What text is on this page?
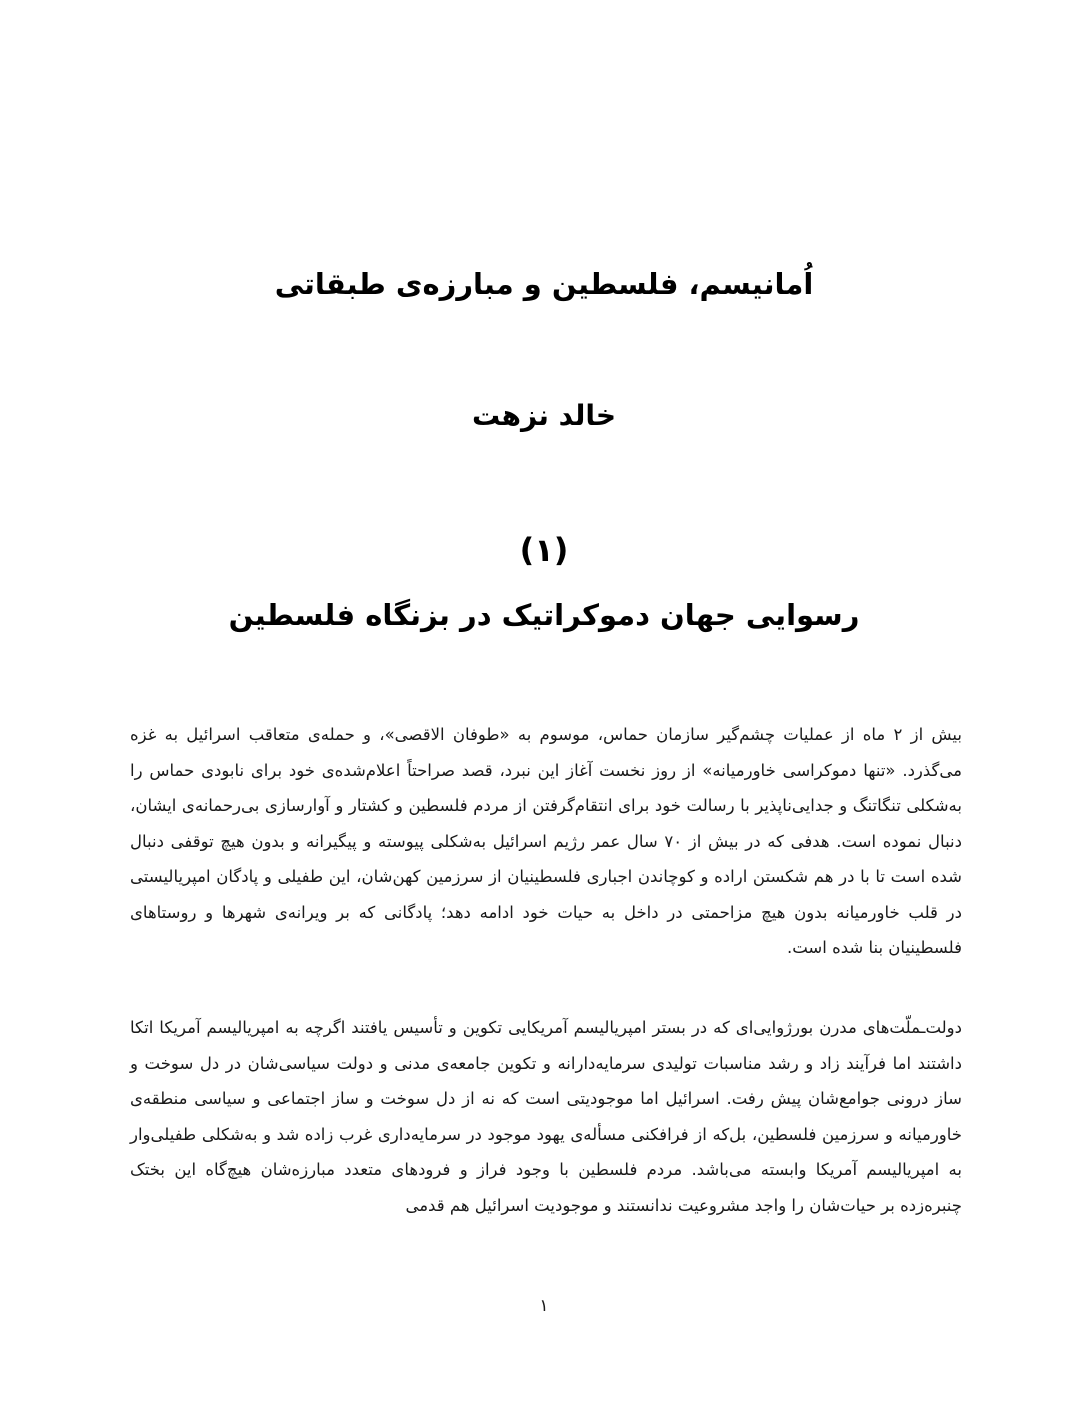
اُمانیسم، فلسطین و مبارزه‌ی طبقاتی
خالد نزهت
(۱)
رسوایی جهان دموکراتیک در بزنگاه فلسطین

بیش از ۲ ماه از عملیات چشم‌گیر سازمان حماس، موسوم به «طوفان الاقصی»، و حمله‌ی متعاقب اسرائیل به غزه می‌گذرد. «تنها دموکراسی خاورمیانه» از روز نخست آغاز این نبرد، قصد صراحتاً اعلام‌شده‌ی خود برای نابودی حماس را به‌شکلی تنگاتنگ و جدایی‌ناپذیر با رسالت خود برای انتقام‌گرفتن از مردم فلسطین و کشتار و آوارسازی بی‌رحمانه‌ی ایشان، دنبال نموده است. هدفی که در بیش از ۷۰ سال عمر رژیم اسرائیل به‌شکلی پیوسته و پیگیرانه و بدون هیچ توقفی دنبال شده است تا با در هم شکستن اراده و کوچاندن اجباری فلسطینیان از سرزمین کهن‌شان، این طفیلی و پادگان امپریالیستی در قلب خاورمیانه بدون هیچ مزاحمتی در داخل به حیات خود ادامه دهد؛ پادگانی که بر ویرانه‌ی شهرها و روستاهای فلسطینیان بنا شده است.

دولت‌ـملّت‌های مدرن بورژوایی‌ای که در بستر امپریالیسم آمریکایی تکوین و تأسیس یافتند اگرچه به امپریالیسم آمریکا اتکا داشتند اما فرآیند زاد و رشد مناسبات تولیدی سرمایه‌دارانه و تکوین جامعه‌ی مدنی و دولت سیاسی‌شان در دل سوخت و ساز درونی جوامع‌شان پیش رفت. اسرائیل اما موجودیتی است که نه از دل سوخت و ساز اجتماعی و سیاسی منطقه‌ی خاورمیانه و سرزمین فلسطین، بل‌که از فرافکنی مسأله‌ی یهود موجود در سرمایه‌داری غرب زاده شد و به‌شکلی طفیلی‌وار به امپریالیسم آمریکا وابسته می‌باشد. مردم فلسطین با وجود فراز و فرودهای متعدد مبارزه‌شان هیچ‌گاه این بختک چنبره‌زده بر حیات‌شان را واجد مشروعیت ندانستند و موجودیت اسرائیل هم قدمی

۱
